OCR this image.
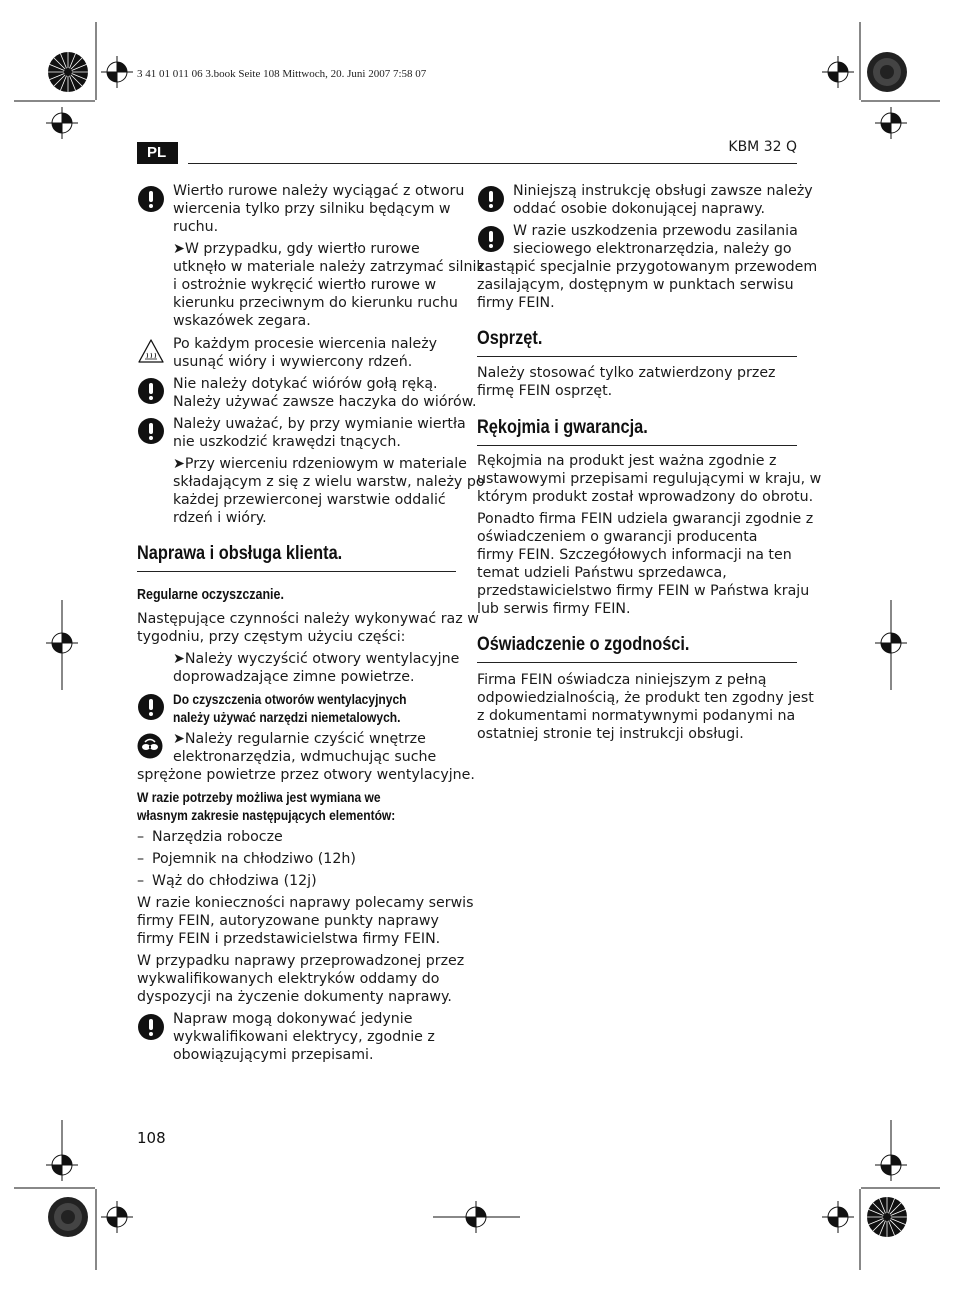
3 41 01 011 06 3.book Seite 108 Mittwoch, 20. Juni 2007 7:58 07
PL	KBM 32 Q
Wiertło rurowe należy wyciągać z otworu
wiercenia tylko przy silniku będącym w
ruchu.
➤W przypadku, gdy wiertło rurowe
utknęło w materiale należy zatrzymać silnik
i ostrożnie wykręcić wiertło rurowe w
kierunku przeciwnym do kierunku ruchu
wskazówek zegara.
Po każdym procesie wiercenia należy
usunąć wióry i wywiercony rdzeń.
Nie należy dotykać wiórów gołą ręką.
Należy używać zawsze haczyka do wiórów.
Należy uważać, by przy wymianie wiertła
nie uszkodzić krawędzi tnących.
➤Przy wierceniu rdzeniowym w materiale
składającym z się z wielu warstw, należy po
każdej przewierconej warstwie oddalić
rdzeń i wióry.
Naprawa i obsługa klienta.
Regularne oczyszczanie.
Następujące czynności należy wykonywać raz w
tygodniu, przy częstym użyciu części:
➤Należy wyczyścić otwory wentylacyjne
doprowadzające zimne powietrze.
Do czyszczenia otworów wentylacyjnych
należy używać narzędzi niemetalowych.
➤Należy regularnie czyścić wnętrze
elektronarzędzia, wdmuchując suche
sprężone powietrze przez otwory wentylacyjne.
W razie potrzeby możliwa jest wymiana we
własnym zakresie następujących elementów:
– Narzędzia robocze
– Pojemnik na chłodziwo (12h)
– Wąż do chłodziwa (12j)
W razie konieczności naprawy polecamy serwis
firmy FEIN, autoryzowane punkty naprawy
firmy FEIN i przedstawicielstwa firmy FEIN.
W przypadku naprawy przeprowadzonej przez
wykwalifikowanych elektryków oddamy do
dyspozycji na życzenie dokumenty naprawy.
Napraw mogą dokonywać jedynie
wykwalifikowani elektrycy, zgodnie z
obowiązującymi przepisami.
Niniejszą instrukcję obsługi zawsze należy
oddać osobie dokonującej naprawy.
W razie uszkodzenia przewodu zasilania
sieciowego elektronarzędzia, należy go
zastąpić specjalnie przygotowanym przewodem
zasilającym, dostępnym w punktach serwisu
firmy FEIN.
Osprzęt.
Należy stosować tylko zatwierdzony przez
firmę FEIN osprzęt.
Rękojmia i gwarancja.
Rękojmia na produkt jest ważna zgodnie z
ustawowymi przepisami regulującymi w kraju, w
którym produkt został wprowadzony do obrotu.
Ponadto firma FEIN udziela gwarancji zgodnie z
oświadczeniem o gwarancji producenta
firmy FEIN. Szczegółowych informacji na ten
temat udzieli Państwu sprzedawca,
przedstawicielstwo firmy FEIN w Państwa kraju
lub serwis firmy FEIN.
Oświadczenie o zgodności.
Firma FEIN oświadcza niniejszym z pełną
odpowiedzialnością, że produkt ten zgodny jest
z dokumentami normatywnymi podanymi na
ostatniej stronie tej instrukcji obsługi.
108
